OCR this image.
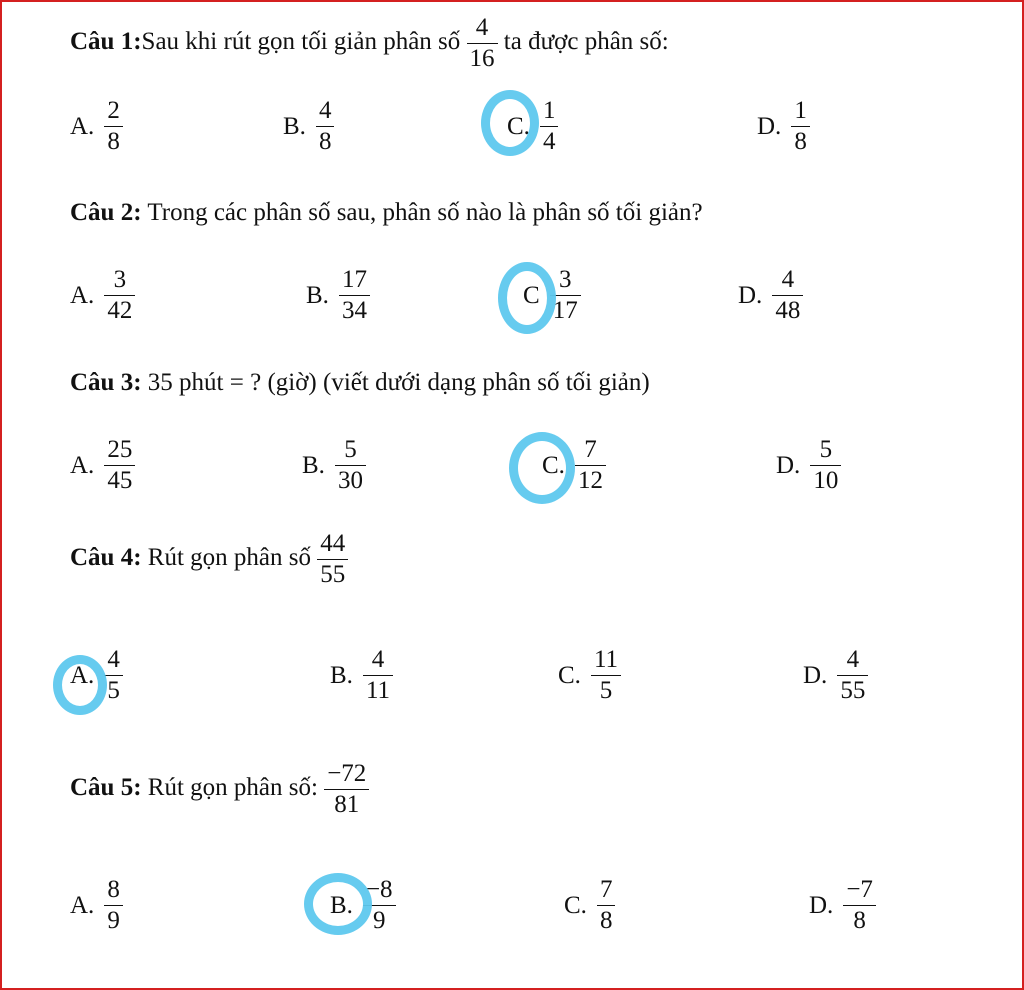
Câu 1:Sau khi rút gọn tối giản phân số $\frac{4}{16}$ ta được phân số:
A. $\frac{2}{8}$	B. $\frac{4}{8}$	C. $\frac{1}{4}$	D. $\frac{1}{8}$
Câu 2: Trong các phân số sau, phân số nào là phân số tối giản?
A. $\frac{3}{42}$	B. $\frac{17}{34}$	C $\frac{3}{17}$	D. $\frac{4}{48}$
Câu 3: 35 phút = ? (giờ) (viết dưới dạng phân số tối giản)
A. $\frac{25}{45}$	B. $\frac{5}{30}$	C. $\frac{7}{12}$	D. $\frac{5}{10}$
Câu 4: Rút gọn phân số $\frac{44}{55}$
A. $\frac{4}{5}$	B. $\frac{4}{11}$	C. $\frac{11}{5}$	D. $\frac{4}{55}$
Câu 5: Rút gọn phân số: $\frac{-72}{81}$
A. $\frac{8}{9}$	B. $\frac{-8}{9}$	C. $\frac{7}{8}$	D. $\frac{-7}{8}$
